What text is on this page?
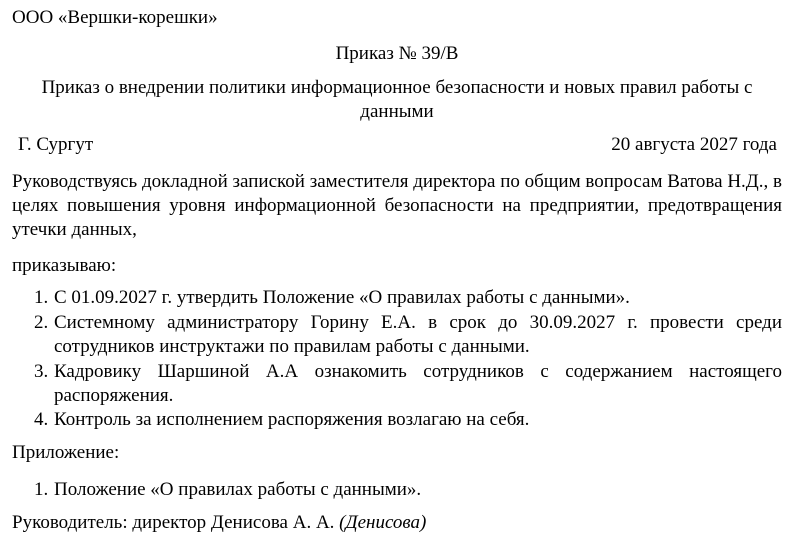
ООО «Вершки-корешки»
Приказ № 39/В
Приказ о внедрении политики информационное безопасности и новых правил работы с данными
Г. Сургут	20 августа 2027 года
Руководствуясь докладной запиской заместителя директора по общим вопросам Ватова Н.Д., в целях повышения уровня информационной безопасности на предприятии, предотвращения утечки данных,
приказываю:
1. С 01.09.2027 г. утвердить Положение «О правилах работы с данными».
2. Системному администратору Горину Е.А. в срок до 30.09.2027 г. провести среди сотрудников инструктажи по правилам работы с данными.
3. Кадровику Шаршиной А.А ознакомить сотрудников с содержанием настоящего распоряжения.
4. Контроль за исполнением распоряжения возлагаю на себя.
Приложение:
1. Положение «О правилах работы с данными».
Руководитель: директор Денисова А. А. (Денисова)
